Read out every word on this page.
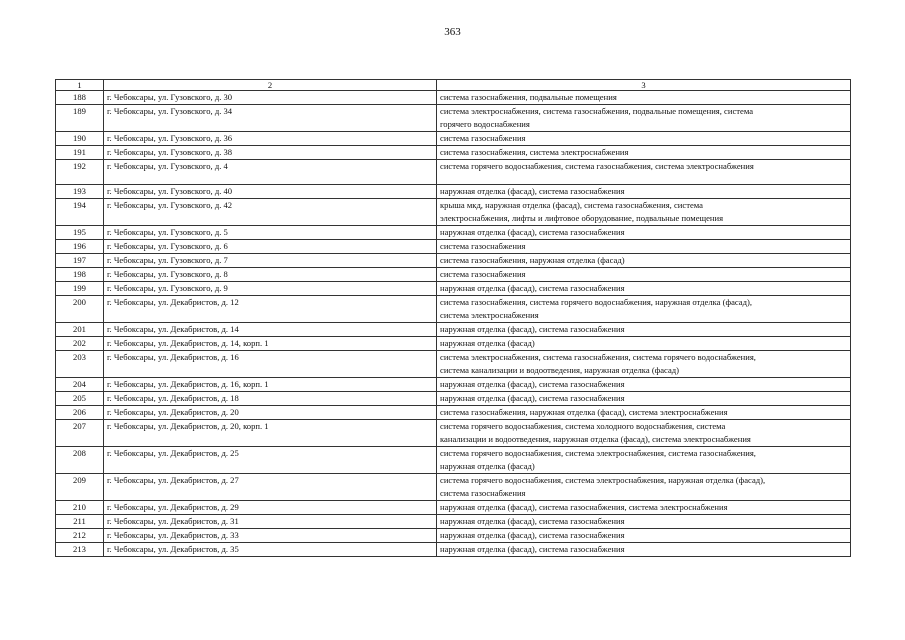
363
1	2	3
188	г. Чебоксары, ул. Гузовского, д. 30	система газоснабжения, подвальные помещения

189	г. Чебоксары, ул. Гузовского, д. 34	система электроснабжения, система газоснабжения, подвальные помещения, система
горячего водоснабжения

190	г. Чебоксары, ул. Гузовского, д. 36	система газоснабжения

191	г. Чебоксары, ул. Гузовского, д. 38	система газоснабжения, система электроснабжения

192	г. Чебоксары, ул. Гузовского, д. 4	система горячего водоснабжения, система газоснабжения, система электроснабжения

193	г. Чебоксары, ул. Гузовского, д. 40	наружная отделка (фасад), система газоснабжения

194	г. Чебоксары, ул. Гузовского, д. 42	крыша мкд, наружная отделка (фасад), система газоснабжения, система
электроснабжения, лифты и лифтовое оборудование, подвальные помещения

195	г. Чебоксары, ул. Гузовского, д. 5	наружная отделка (фасад), система газоснабжения

196	г. Чебоксары, ул. Гузовского, д. 6	система газоснабжения

197	г. Чебоксары, ул. Гузовского, д. 7	система газоснабжения, наружная отделка (фасад)

198	г. Чебоксары, ул. Гузовского, д. 8	система газоснабжения

199	г. Чебоксары, ул. Гузовского, д. 9	наружная отделка (фасад), система газоснабжения

200	г. Чебоксары, ул. Декабристов, д. 12	система газоснабжения, система горячего водоснабжения, наружная отделка (фасад),
система электроснабжения

201	г. Чебоксары, ул. Декабристов, д. 14	наружная отделка (фасад), система газоснабжения

202	г. Чебоксары, ул. Декабристов, д. 14, корп. 1	наружная отделка (фасад)

203	г. Чебоксары, ул. Декабристов, д. 16	система электроснабжения, система газоснабжения, система горячего водоснабжения,
система канализации и водоотведения, наружная отделка (фасад)

204	г. Чебоксары, ул. Декабристов, д. 16, корп. 1	наружная отделка (фасад), система газоснабжения

205	г. Чебоксары, ул. Декабристов, д. 18	наружная отделка (фасад), система газоснабжения

206	г. Чебоксары, ул. Декабристов, д. 20	система газоснабжения, наружная отделка (фасад), система электроснабжения

207	г. Чебоксары, ул. Декабристов, д. 20, корп. 1	система горячего водоснабжения, система холодного водоснабжения, система
канализации и водоотведения, наружная отделка (фасад), система электроснабжения

208	г. Чебоксары, ул. Декабристов, д. 25	система горячего водоснабжения, система электроснабжения, система газоснабжения,
наружная отделка (фасад)

209	г. Чебоксары, ул. Декабристов, д. 27	система горячего водоснабжения, система электроснабжения, наружная отделка (фасад),
система газоснабжения

210	г. Чебоксары, ул. Декабристов, д. 29	наружная отделка (фасад), система газоснабжения, система электроснабжения

211	г. Чебоксары, ул. Декабристов, д. 31	наружная отделка (фасад), система газоснабжения

212	г. Чебоксары, ул. Декабристов, д. 33	наружная отделка (фасад), система газоснабжения

213	г. Чебоксары, ул. Декабристов, д. 35	наружная отделка (фасад), система газоснабжения
